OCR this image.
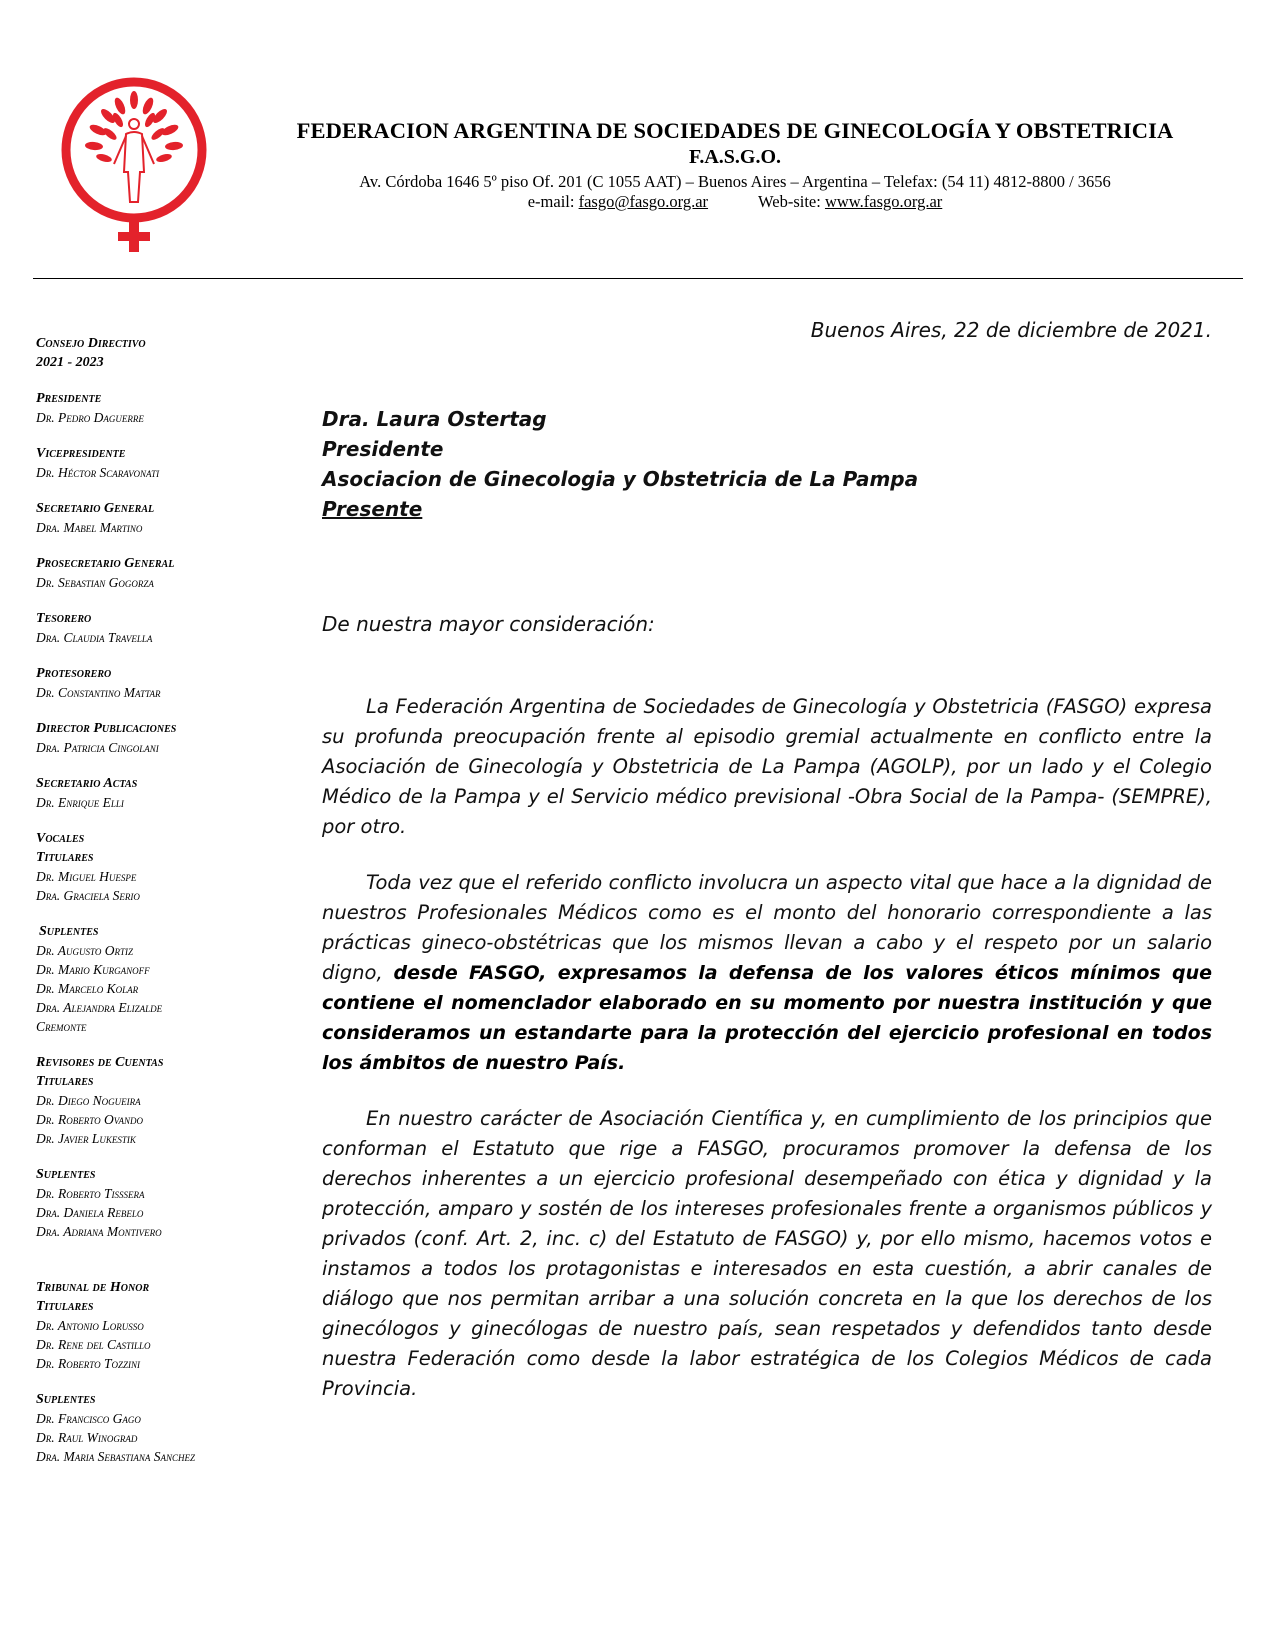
FEDERACION ARGENTINA DE SOCIEDADES DE GINECOLOGÍA Y OBSTETRICIA
F.A.S.G.O.
Av. Córdoba 1646 5º piso Of. 201 (C 1055 AAT) – Buenos Aires – Argentina – Telefax: (54 11) 4812-8800 / 3656
e-mail: fasgo@fasgo.org.ar	Web-site: www.fasgo.org.ar
Consejo Directivo
2021 - 2023
Presidente
Dr. Pedro Daguerre
Vicepresidente
Dr. Héctor Scaravonati
Secretario General
Dra. Mabel Martino
Prosecretario General
Dr. Sebastian Gogorza
Tesorero
Dra. Claudia Travella
Protesorero
Dr. Constantino Mattar
Director Publicaciones
Dra. Patricia Cingolani
Secretario Actas
Dr. Enrique Elli
Vocales
Titulares
Dr. Miguel Huespe
Dra. Graciela Serio
Suplentes
Dr. Augusto Ortiz
Dr. Mario Kurganoff
Dr. Marcelo Kolar
Dra. Alejandra Elizalde
Cremonte
Revisores de Cuentas
Titulares
Dr. Diego Nogueira
Dr. Roberto Ovando
Dr. Javier Lukestik
Suplentes
Dr. Roberto Tisssera
Dra. Daniela Rebelo
Dra. Adriana Montivero
Tribunal de Honor
Titulares
Dr. Antonio Lorusso
Dr. Rene del Castillo
Dr. Roberto Tozzini
Suplentes
Dr. Francisco Gago
Dr. Raul Winograd
Dra. Maria Sebastiana Sanchez
Buenos Aires, 22 de diciembre de 2021.
Dra. Laura Ostertag
Presidente
Asociacion de Ginecologia y Obstetricia de La Pampa
Presente
De nuestra mayor consideración:

La Federación Argentina de Sociedades de Ginecología y Obstetricia (FASGO) expresa su profunda preocupación frente al episodio gremial actualmente en conflicto entre la Asociación de Ginecología y Obstetricia de La Pampa (AGOLP), por un lado y el Colegio Médico de la Pampa y el Servicio médico previsional -Obra Social de la Pampa- (SEMPRE), por otro.

Toda vez que el referido conflicto involucra un aspecto vital que hace a la dignidad de nuestros Profesionales Médicos como es el monto del honorario correspondiente a las prácticas gineco-obstétricas que los mismos llevan a cabo y el respeto por un salario digno, desde FASGO, expresamos la defensa de los valores éticos mínimos que contiene el nomenclador elaborado en su momento por nuestra institución y que consideramos un estandarte para la protección del ejercicio profesional en todos los ámbitos de nuestro País.

En nuestro carácter de Asociación Científica y, en cumplimiento de los principios que conforman el Estatuto que rige a FASGO, procuramos promover la defensa de los derechos inherentes a un ejercicio profesional desempeñado con ética y dignidad y la protección, amparo y sostén de los intereses profesionales frente a organismos públicos y privados (conf. Art. 2, inc. c) del Estatuto de FASGO) y, por ello mismo, hacemos votos e instamos a todos los protagonistas e interesados en esta cuestión, a abrir canales de diálogo que nos permitan arribar a una solución concreta en la que los derechos de los ginecólogos y ginecólogas de nuestro país, sean respetados y defendidos tanto desde nuestra Federación como desde la labor estratégica de los Colegios Médicos de cada Provincia.
